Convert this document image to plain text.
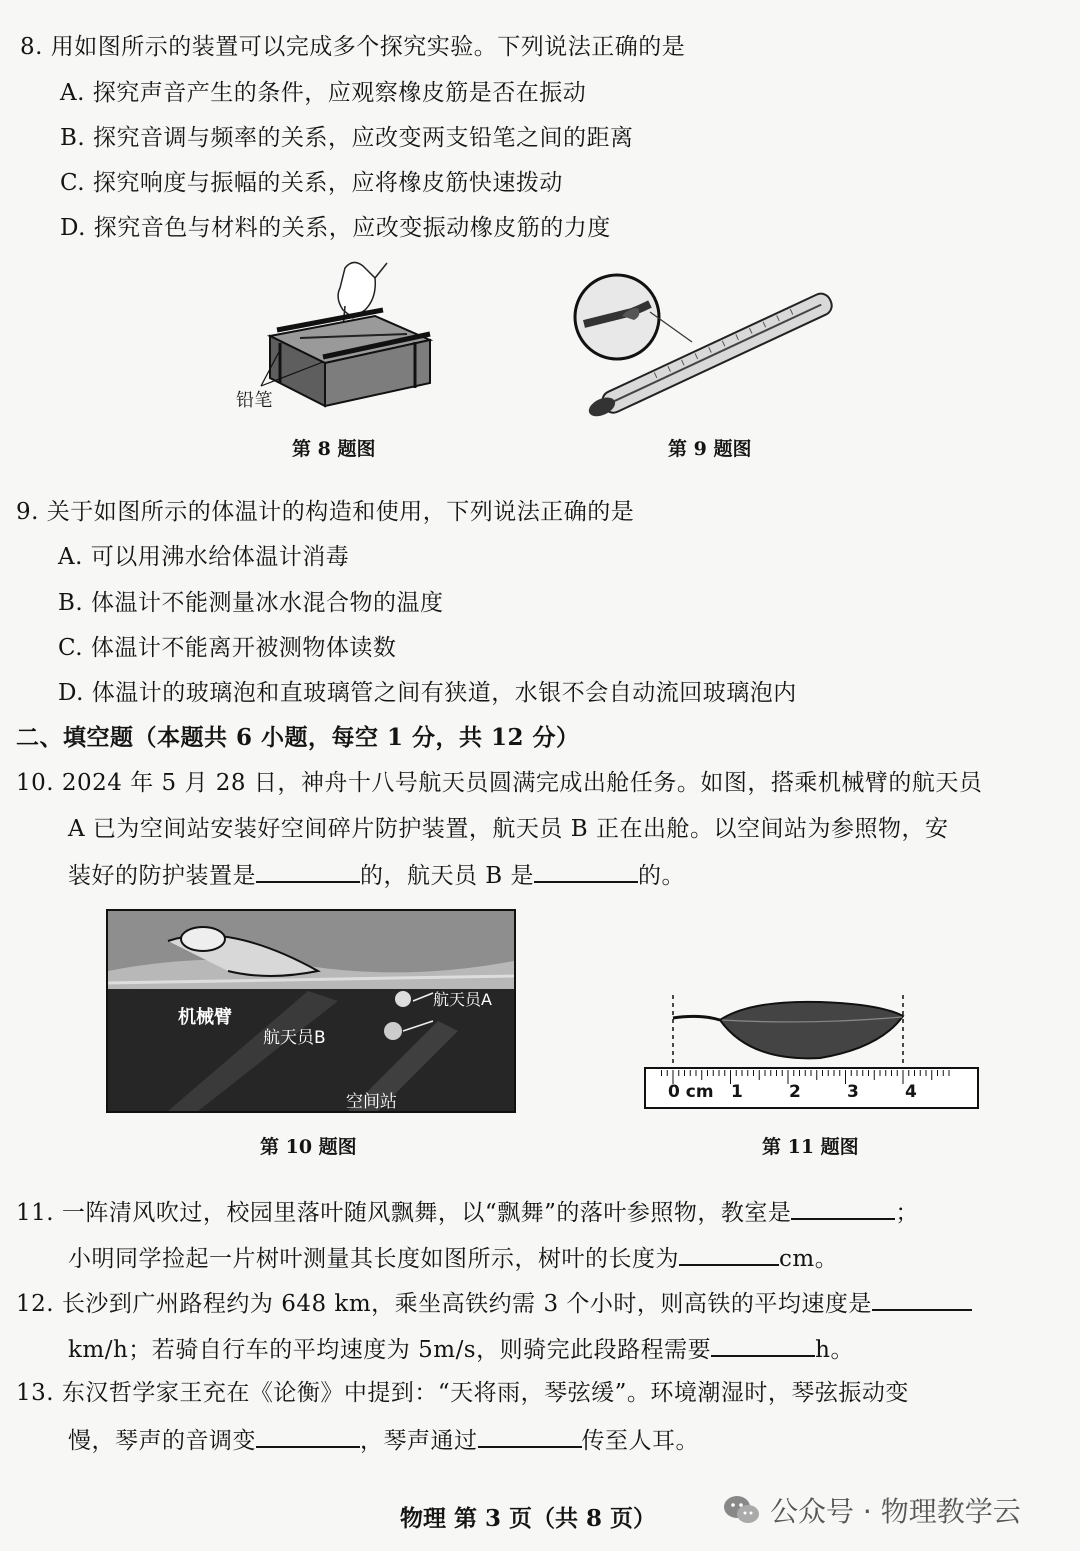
8. 用如图所示的装置可以完成多个探究实验。下列说法正确的是
A. 探究声音产生的条件，应观察橡皮筋是否在振动
B. 探究音调与频率的关系，应改变两支铅笔之间的距离
C. 探究响度与振幅的关系，应将橡皮筋快速拨动
D. 探究音色与材料的关系，应改变振动橡皮筋的力度
铅笔
第 8 题图	第 9 题图
9. 关于如图所示的体温计的构造和使用，下列说法正确的是
A. 可以用沸水给体温计消毒
B. 体温计不能测量冰水混合物的温度
C. 体温计不能离开被测物体读数
D. 体温计的玻璃泡和直玻璃管之间有狭道，水银不会自动流回玻璃泡内
二、填空题（本题共 6 小题，每空 1 分，共 12 分）
10. 2024 年 5 月 28 日，神舟十八号航天员圆满完成出舱任务。如图，搭乘机械臂的航天员
A 已为空间站安装好空间碎片防护装置，航天员 B 正在出舱。以空间站为参照物，安
装好的防护装置是	的，航天员 B 是	的。
机械臂
航天员A
航天员B
空间站
第 10 题图
0 cm 1	2	3	4
第 11 题图
11. 一阵清风吹过，校园里落叶随风飘舞，以“飘舞”的落叶参照物，教室是	；
小明同学捡起一片树叶测量其长度如图所示，树叶的长度为	cm。
12. 长沙到广州路程约为 648 km，乘坐高铁约需 3 个小时，则高铁的平均速度是
km/h；若骑自行车的平均速度为 5m/s，则骑完此段路程需要	h。
13. 东汉哲学家王充在《论衡》中提到：“天将雨，琴弦缓”。环境潮湿时，琴弦振动变
慢，琴声的音调变	，琴声通过	传至人耳。
物理 第 3 页（共 8 页）	公众号 · 物理教学云
